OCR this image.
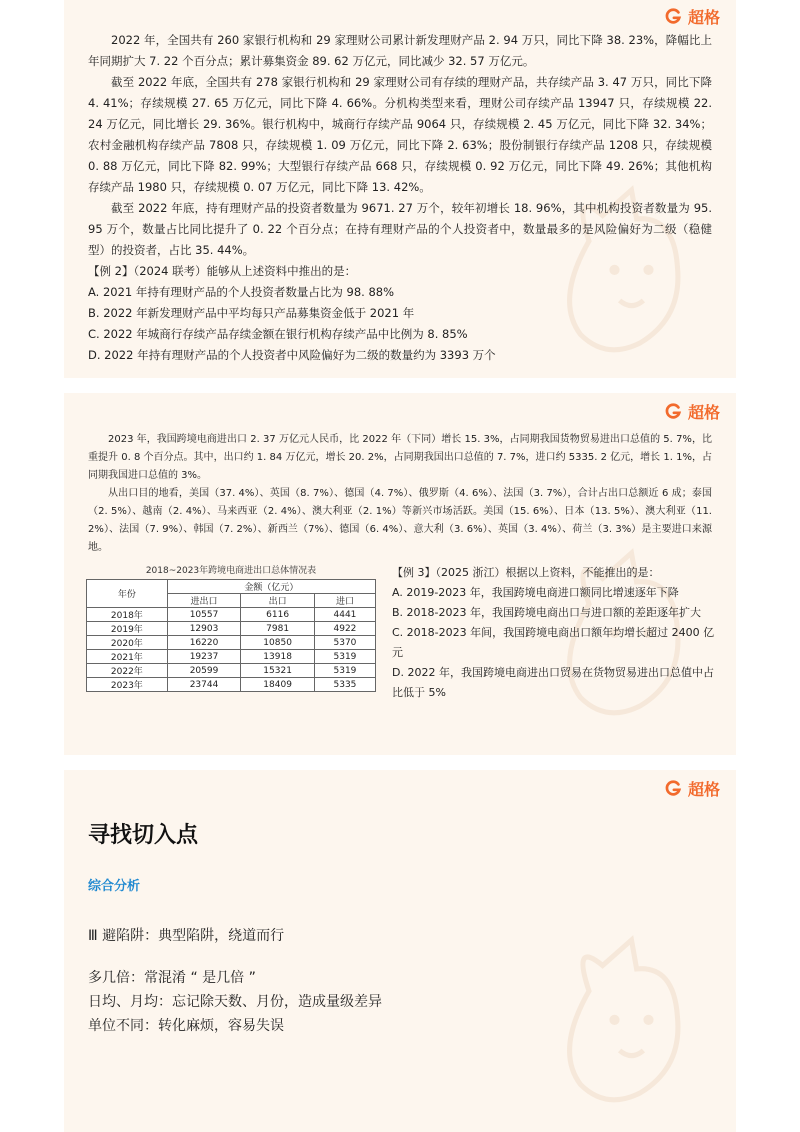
超格

2022 年，全国共有 260 家银行机构和 29 家理财公司累计新发理财产品 2. 94 万只，同比下降 38. 23%，降幅比上年同期扩大 7. 22 个百分点；累计募集资金 89. 62 万亿元，同比减少 32. 57 万亿元。

截至 2022 年底，全国共有 278 家银行机构和 29 家理财公司有存续的理财产品，共存续产品 3. 47 万只，同比下降 4. 41%；存续规模 27. 65 万亿元，同比下降 4. 66%。分机构类型来看，理财公司存续产品 13947 只，存续规模 22. 24 万亿元，同比增长 29. 36%。银行机构中，城商行存续产品 9064 只，存续规模 2. 45 万亿元，同比下降 32. 34%；农村金融机构存续产品 7808 只，存续规模 1. 09 万亿元，同比下降 2. 63%；股份制银行存续产品 1208 只，存续规模 0. 88 万亿元，同比下降 82. 99%；大型银行存续产品 668 只，存续规模 0. 92 万亿元，同比下降 49. 26%；其他机构存续产品 1980 只，存续规模 0. 07 万亿元，同比下降 13. 42%。

截至 2022 年底，持有理财产品的投资者数量为 9671. 27 万个，较年初增长 18. 96%，其中机构投资者数量为 95. 95 万个，数量占比同比提升了 0. 22 个百分点；在持有理财产品的个人投资者中，数量最多的是风险偏好为二级（稳健型）的投资者，占比 35. 44%。

【例 2】（2024 联考）能够从上述资料中推出的是：
A. 2021 年持有理财产品的个人投资者数量占比为 98. 88%
B. 2022 年新发理财产品中平均每只产品募集资金低于 2021 年
C. 2022 年城商行存续产品存续金额在银行机构存续产品中比例为 8. 85%
D. 2022 年持有理财产品的个人投资者中风险偏好为二级的数量约为 3393 万个
超格

2023 年，我国跨境电商进出口 2. 37 万亿元人民币，比 2022 年（下同）增长 15. 3%，占同期我国货物贸易进出口总值的 5. 7%，比重提升 0. 8 个百分点。其中，出口约 1. 84 万亿元，增长 20. 2%，占同期我国出口总值的 7. 7%，进口约 5335. 2 亿元，增长 1. 1%，占同期我国进口总值的 3%。

从出口目的地看，美国（37. 4%）、英国（8. 7%）、德国（4. 7%）、俄罗斯（4. 6%）、法国（3. 7%），合计占出口总额近 6 成；泰国（2. 5%）、越南（2. 4%）、马来西亚（2. 4%）、澳大利亚（2. 1%）等新兴市场活跃。美国（15. 6%）、日本（13. 5%）、澳大利亚（11. 2%）、法国（7. 9%）、韩国（7. 2%）、新西兰（7%）、德国（6. 4%）、意大利（3. 6%）、英国（3. 4%）、荷兰（3. 3%）是主要进口来源地。

2018~2023年跨境电商进出口总体情况表
年份	金额（亿元）		
	进出口	出口	进口
2018年	10557	6116	4441
2019年	12903	7981	4922
2020年	16220	10850	5370
2021年	19237	13918	5319
2022年	20599	15321	5319
2023年	23744	18409	5335
【例 3】（2025 浙江）根据以上资料，不能推出的是：
A. 2019-2023 年，我国跨境电商进口额同比增速逐年下降
B. 2018-2023 年，我国跨境电商出口与进口额的差距逐年扩大
C. 2018-2023 年间，我国跨境电商出口额年均增长超过 2400 亿元
D. 2022 年，我国跨境电商进出口贸易在货物贸易进出口总值中占比低于 5%
超格
寻找切入点
综合分析
Ⅲ 避陷阱：典型陷阱，绕道而行
多几倍：常混淆 “ 是几倍 ”
日均、月均：忘记除天数、月份，造成量级差异
单位不同：转化麻烦，容易失误
